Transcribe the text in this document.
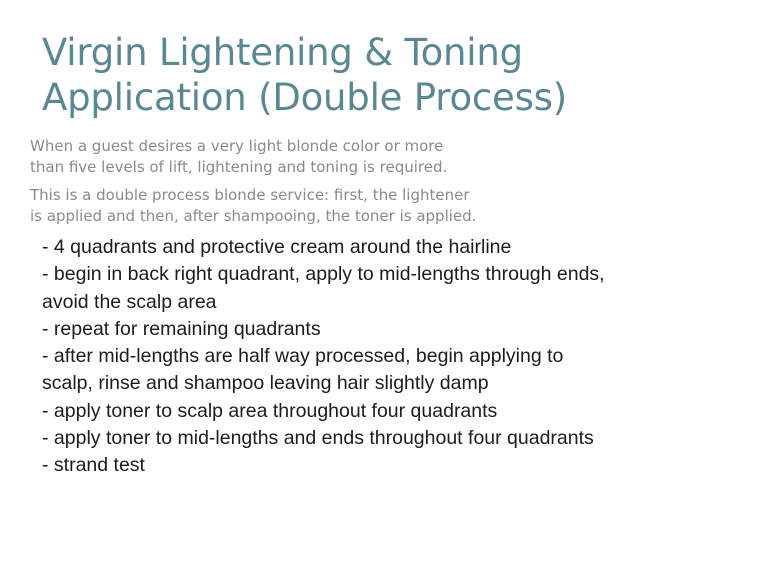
Virgin Lightening & Toning
Application (Double Process)

When a guest desires a very light blonde color or more
than five levels of lift, lightening and toning is required.

This is a double process blonde service: first, the lightener
is applied and then, after shampooing, the toner is applied.

- 4 quadrants and protective cream around the hairline
- begin in back right quadrant, apply to mid-lengths through ends,
avoid the scalp area
- repeat for remaining quadrants
- after mid-lengths are half way processed, begin applying to
scalp, rinse and shampoo leaving hair slightly damp
- apply toner to scalp area throughout four quadrants
- apply toner to mid-lengths and ends throughout four quadrants
- strand test
